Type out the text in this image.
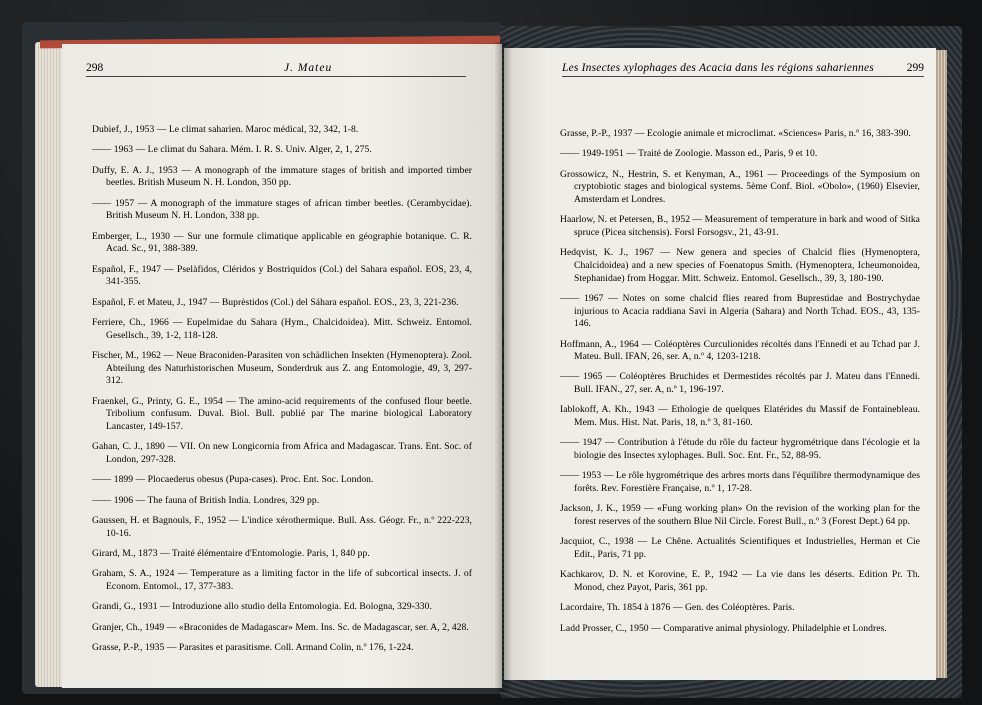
298	J. Mateu	Les Insectes xylophages des Acacia dans les régions sahariennes	299

Dubief, J., 1953 — Le climat saharien. Maroc médical, 32, 342, 1-8.

—— 1963 — Le climat du Sahara. Mém. I. R. S. Univ. Alger, 2, 1, 275.

Duffy, E. A. J., 1953 — A monograph of the immature stages of british and imported timber beetles. British Museum N. H. London, 350 pp.

—— 1957 — A monograph of the immature stages of african timber beetles. (Cerambycidae). British Museum N. H. London, 338 pp.

Emberger, L., 1930 — Sur une formule climatique applicable en géographie botanique. C. R. Acad. Sc., 91, 388-389.

Español, F., 1947 — Pselàfidos, Cléridos y Bostriquidos (Col.) del Sahara español. EOS, 23, 4, 341-355.

Español, F. et Mateu, J., 1947 — Buprèstidos (Col.) del Sáhara español. EOS., 23, 3, 221-236.

Ferriere, Ch., 1966 — Eupelmidae du Sahara (Hym., Chalcidoidea). Mitt. Schweiz. Entomol. Gesellsch., 39, 1-2, 118-128.

Fischer, M., 1962 — Neue Braconiden-Parasiten von schädlichen Insekten (Hymenoptera). Zool. Abteilung des Naturhistorischen Museum, Sonderdruk aus Z. ang Entomologie, 49, 3, 297-312.

Fraenkel, G., Printy, G. E., 1954 — The amino-acid requirements of the confused flour beetle. Tribolium confusum. Duval. Biol. Bull. publié par The marine biological Laboratory Lancaster, 149-157.

Gahan, C. J., 1890 — VII. On new Longicornia from Africa and Madagascar. Trans. Ent. Soc. of London, 297-328.

—— 1899 — Plocaederus obesus (Pupa-cases). Proc. Ent. Soc. London.

—— 1906 — The fauna of British India. Londres, 329 pp.

Gaussen, H. et Bagnouls, F., 1952 — L'indice xérothermique. Bull. Ass. Géogr. Fr., n.º 222-223, 10-16.

Girard, M., 1873 — Traité élémentaire d'Entomologie. Paris, 1, 840 pp.

Graham, S. A., 1924 — Temperature as a limiting factor in the life of subcortical insects. J. of Econom. Entomol., 17, 377-383.

Grandi, G., 1931 — Introduzione allo studio della Entomologia. Ed. Bologna, 329-330.

Granjer, Ch., 1949 — «Braconides de Madagascar» Mem. Ins. Sc. de Madagascar, ser. A, 2, 428.

Grasse, P.-P., 1935 — Parasites et parasitisme. Coll. Armand Colin, n.º 176, 1-224.

Grasse, P.-P., 1937 — Ecologie animale et microclimat. «Sciences» Paris, n.º 16, 383-390.

—— 1949-1951 — Traité de Zoologie. Masson ed., Paris, 9 et 10.

Grossowicz, N., Hestrin, S. et Kenyman, A., 1961 — Proceedings of the Symposium on cryptobiotic stages and biological systems. 5ème Conf. Biol. «Obolo», (1960) Elsevier, Amsterdam et Londres.

Haarlow, N. et Petersen, B., 1952 — Measurement of temperature in bark and wood of Sitka spruce (Picea sitchensis). Forsl Forsogsv., 21, 43-91.

Hedqvist, K. J., 1967 — New genera and species of Chalcid flies (Hymenoptera, Chalcidoidea) and a new species of Foenatopus Smith. (Hymenoptera, Icheumonoidea, Stephanidae) from Hoggar. Mitt. Schweiz. Entomol. Gesellsch., 39, 3, 180-190.

—— 1967 — Notes on some chalcid flies reared from Buprestidae and Bostrychydae injurious to Acacia raddiana Savi in Algeria (Sahara) and North Tchad. EOS., 43, 135-146.

Hoffmann, A., 1964 — Coléoptères Curculionides récoltés dans l'Ennedi et au Tchad par J. Mateu. Bull. IFAN, 26, ser. A, n.º 4, 1203-1218.

—— 1965 — Coléoptères Bruchides et Dermestides récoltés par J. Mateu dans l'Ennedi. Bull. IFAN., 27, ser. A, n.º 1, 196-197.

Iablokoff, A. Kh., 1943 — Ethologie de quelques Elatérides du Massif de Fontainebleau. Mem. Mus. Hist. Nat. Paris, 18, n.º 3, 81-160.

—— 1947 — Contribution à l'étude du rôle du facteur hygrométrique dans l'écologie et la biologie des Insectes xylophages. Bull. Soc. Ent. Fr., 52, 88-95.

—— 1953 — Le rôle hygrométrique des arbres morts dans l'équilibre thermodynamique des forêts. Rev. Forestière Française, n.º 1, 17-28.

Jackson, J. K., 1959 — «Fung working plan» On the revision of the working plan for the forest reserves of the southern Blue Nil Circle. Forest Bull., n.º 3 (Forest Dept.) 64 pp.

Jacquiot, C., 1938 — Le Chêne. Actualités Scientifiques et Industrielles, Herman et Cie Edit., Paris, 71 pp.

Kachkarov, D. N. et Korovine, E. P., 1942 — La vie dans les déserts. Edition Pr. Th. Monod, chez Payot, Paris, 361 pp.

Lacordaire, Th. 1854 à 1876 — Gen. des Coléoptères. Paris.

Ladd Prosser, C., 1950 — Comparative animal physiology. Philadelphie et Londres.
